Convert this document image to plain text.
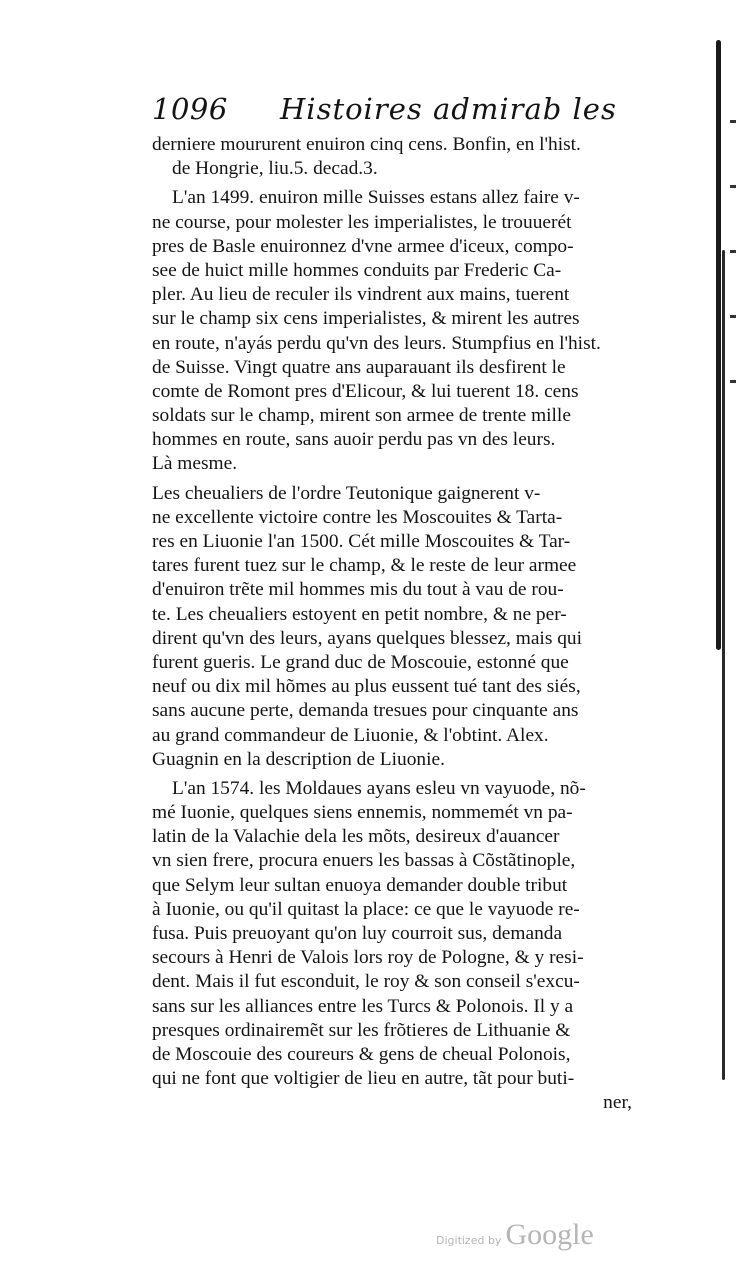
1096 Histoires admirab les
derniere moururent enuiron cinq cens. Bonfin, en l'hist.
de Hongrie, liu.5. decad.3.
L'an 1499. enuiron mille Suisses estans allez faire v-
ne course, pour molester les imperialistes, le trouuerét
pres de Basle enuironnez d'vne armee d'iceux, compo-
see de huict mille hommes conduits par Frederic Ca-
pler. Au lieu de reculer ils vindrent aux mains, tuerent
sur le champ six cens imperialistes, & mirent les autres
en route, n'ayás perdu qu'vn des leurs. Stumpfius en l'hist.
de Suisse. Vingt quatre ans auparauant ils desfirent le
comte de Romont pres d'Elicour, & lui tuerent 18. cens
soldats sur le champ, mirent son armee de trente mille
hommes en route, sans auoir perdu pas vn des leurs.
Là mesme.
Les cheualiers de l'ordre Teutonique gaignerent v-
ne excellente victoire contre les Moscouites & Tarta-
res en Liuonie l'an 1500. Cét mille Moscouites & Tar-
tares furent tuez sur le champ, & le reste de leur armee
d'enuiron trẽte mil hommes mis du tout à vau de rou-
te. Les cheualiers estoyent en petit nombre, & ne per-
dirent qu'vn des leurs, ayans quelques blessez, mais qui
furent gueris. Le grand duc de Moscouie, estonné que
neuf ou dix mil hõmes au plus eussent tué tant des siés,
sans aucune perte, demanda tresues pour cinquante ans
au grand commandeur de Liuonie, & l'obtint. Alex.
Guagnin en la description de Liuonie.
L'an 1574. les Moldaues ayans esleu vn vayuode, nõ-
mé Iuonie, quelques siens ennemis, nommemét vn pa-
latin de la Valachie dela les mõts, desireux d'auancer
vn sien frere, procura enuers les bassas à Cõstãtinople,
que Selym leur sultan enuoya demander double tribut
à Iuonie, ou qu'il quitast la place: ce que le vayuode re-
fusa. Puis preuoyant qu'on luy courroit sus, demanda
secours à Henri de Valois lors roy de Pologne, & y resi-
dent. Mais il fut esconduit, le roy & son conseil s'excu-
sans sur les alliances entre les Turcs & Polonois. Il y a
presques ordinairemẽt sur les frõtieres de Lithuanie &
de Moscouie des coureurs & gens de cheual Polonois,
qui ne font que voltigier de lieu en autre, tãt pour buti-
ner,
Digitized by Google
